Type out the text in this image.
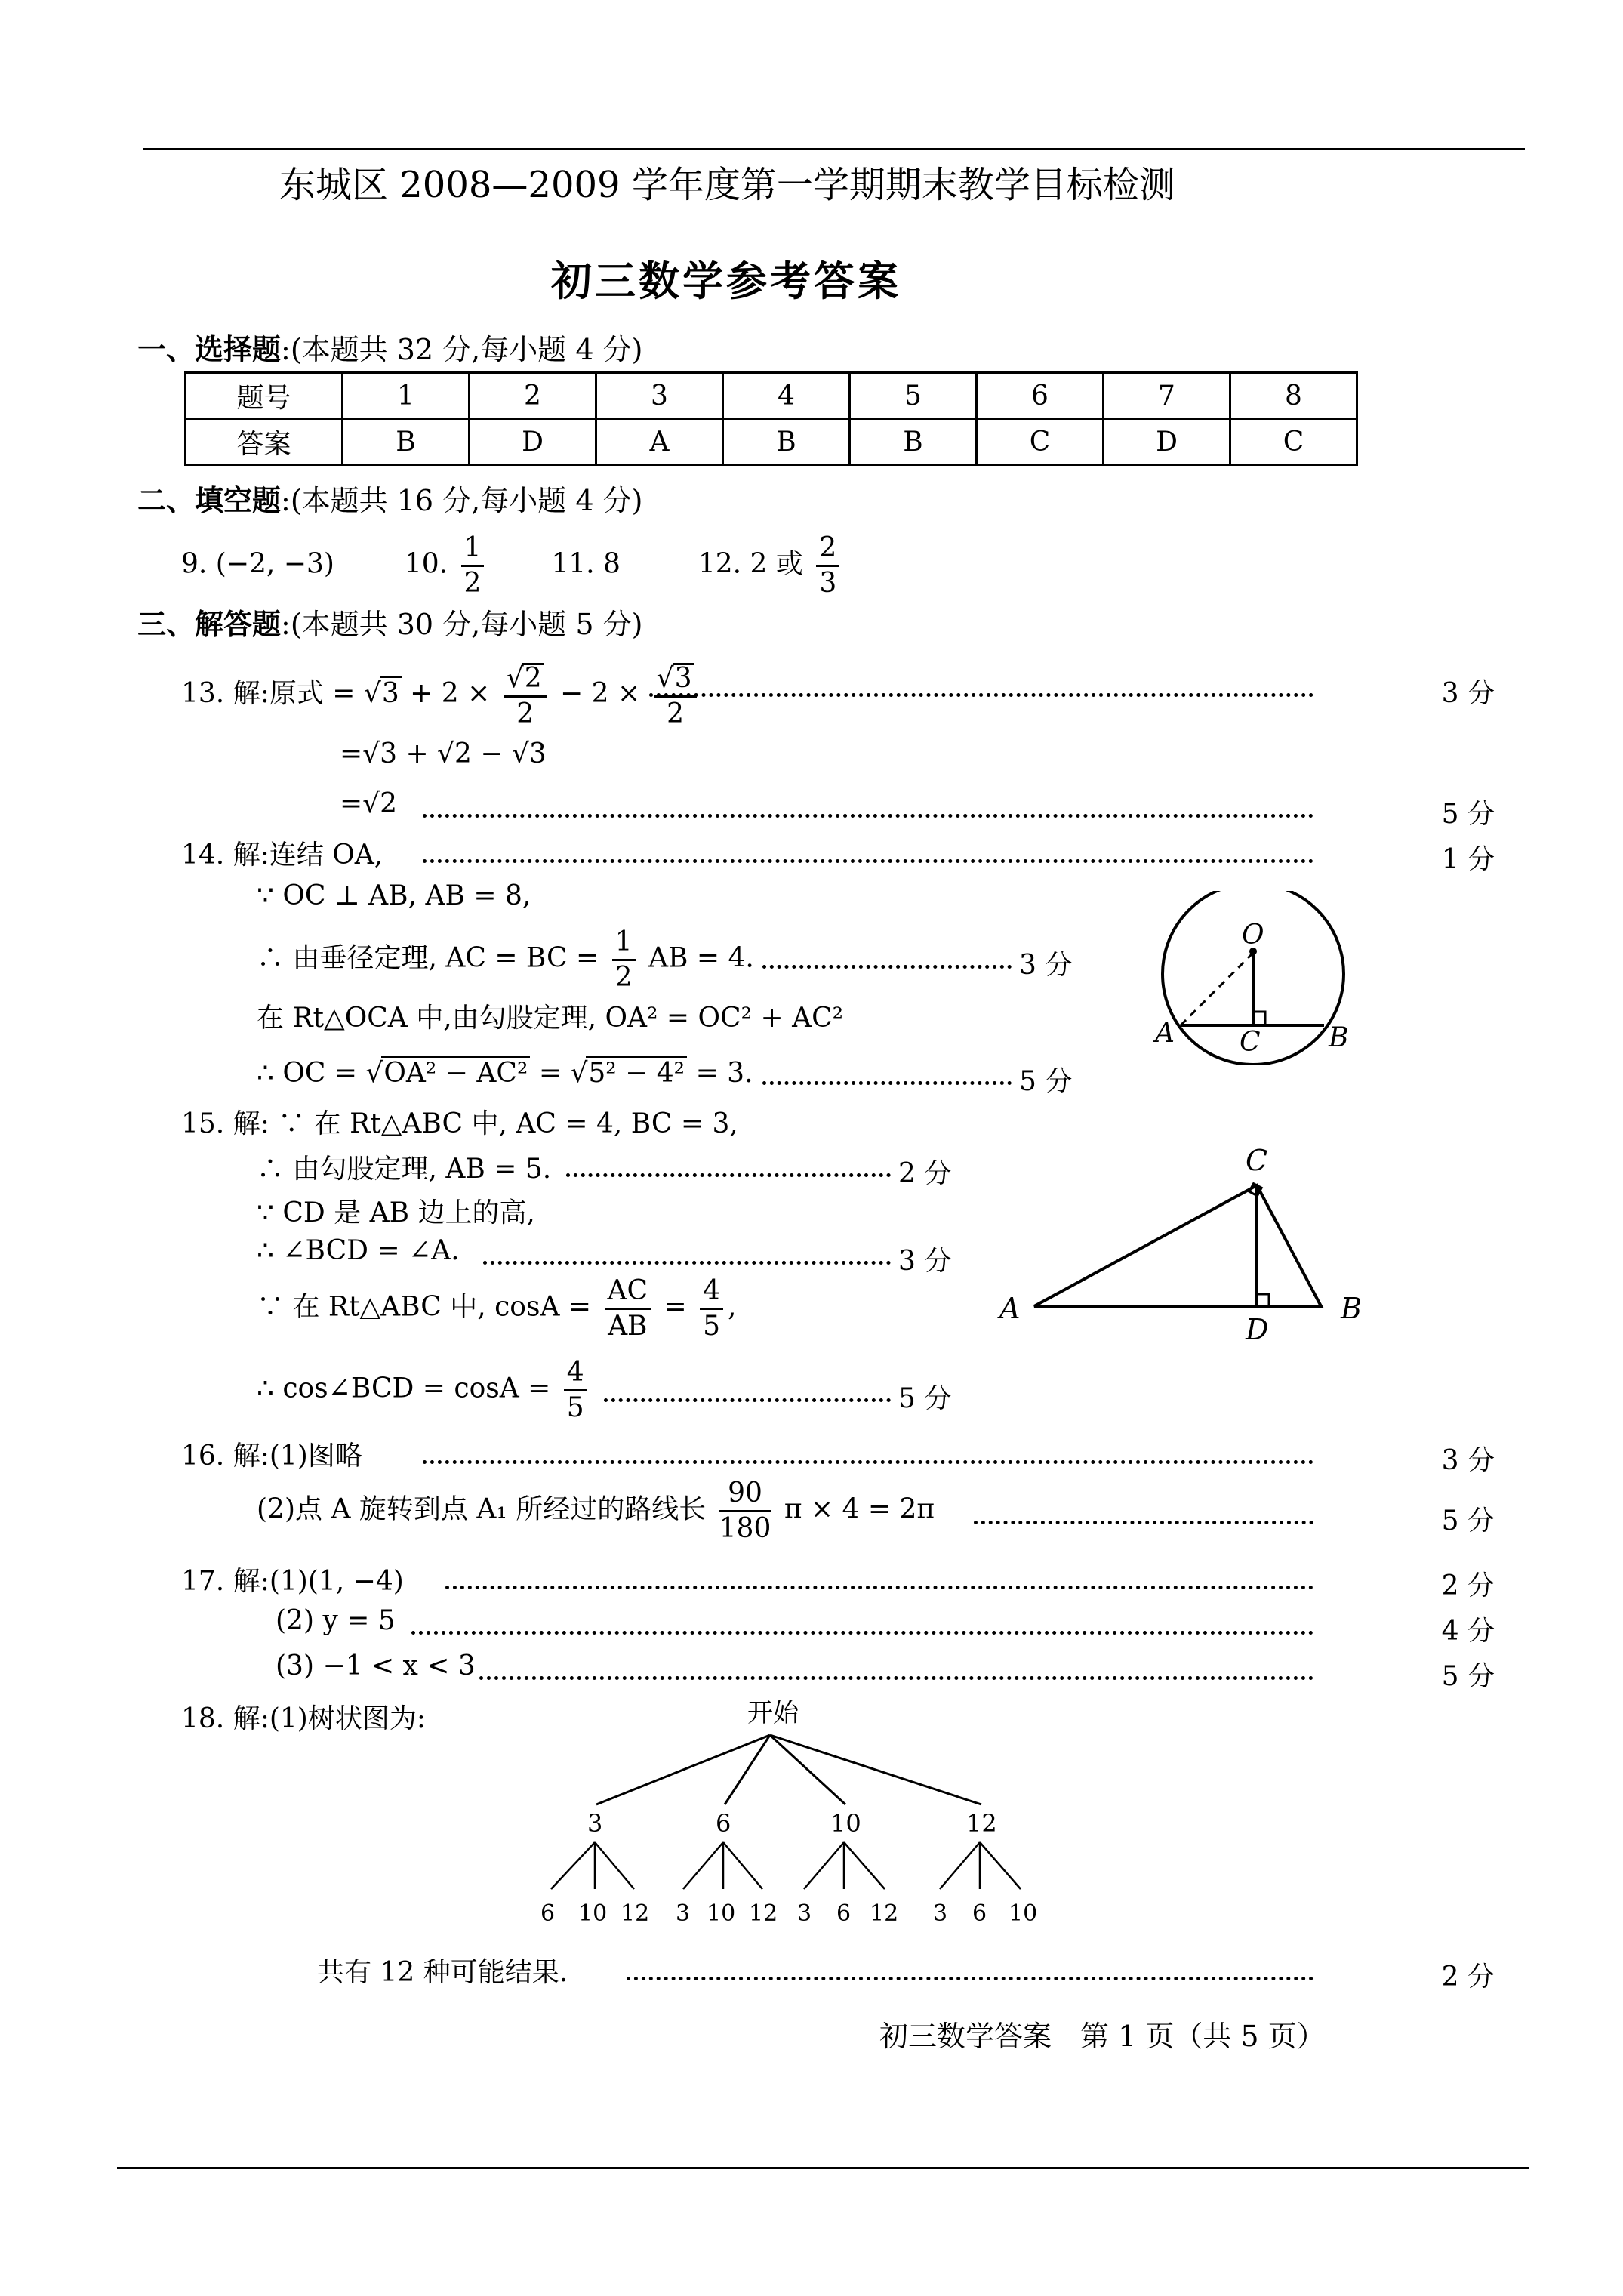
东城区 2008—2009 学年度第一学期期末教学目标检测
初三数学参考答案
一、选择题:(本题共 32 分,每小题 4 分)
题号	1	2	3	4	5	6	7	8
答案	B	D	A	B	B	C	D	C
二、填空题:(本题共 16 分,每小题 4 分)
9. (−2, −3)	10. $\frac{1}{2} 11$. 8	12. 2 或 $\frac{2}{3}$
三、解答题:(本题共 30 分,每小题 5 分)
13. 解:原式 = $√3 + 2 \times \frac{√2}{2} - 2 \times \frac{√3}{2}$	3 分
=√3 + √2 − √3
=√2	5 分
14. 解:连结 OA,	1 分
∵ OC ⊥ AB, AB = 8,
∴ 由垂径定理, AC = BC = $\frac{1}{2}$ AB = 4.	3 分
在 Rt△OCA 中,由勾股定理, OA² = OC² + AC²
∴ OC = √OA² − AC² = √5² − 4² = 3.	5 分
O
A C	B
15. 解: ∵ 在 Rt△ABC 中, AC = 4, BC = 3,
∴ 由勾股定理, AB = 5.	2 分
∵ CD 是 AB 边上的高,
∴ ∠BCD = ∠A.	3 分
∵ 在 Rt△ABC 中, $\cos A = \frac{AC}{AB} = \frac{4}{5}$ ,
∴ cos∠BCD = $\cos A = \frac{4}{5}$	5 分
C
A	B
D
16. 解:(1)图略	3 分
(2)点 A 旋转到点 A₁ 所经过的路线长 $\frac{90}{180}$ π × 4 = 2π	5 分
17. 解:(1)(1, −4)	2 分
(2) y = 5	4 分
(3) −1 < x < 3	5 分
18. 解:(1)树状图为:	开始
3	6	10	12
6 10 12 3 10 12 3 6 12 3 6 10
共有 12 种可能结果.	2 分
初三数学答案　第 1 页（共 5 页）
